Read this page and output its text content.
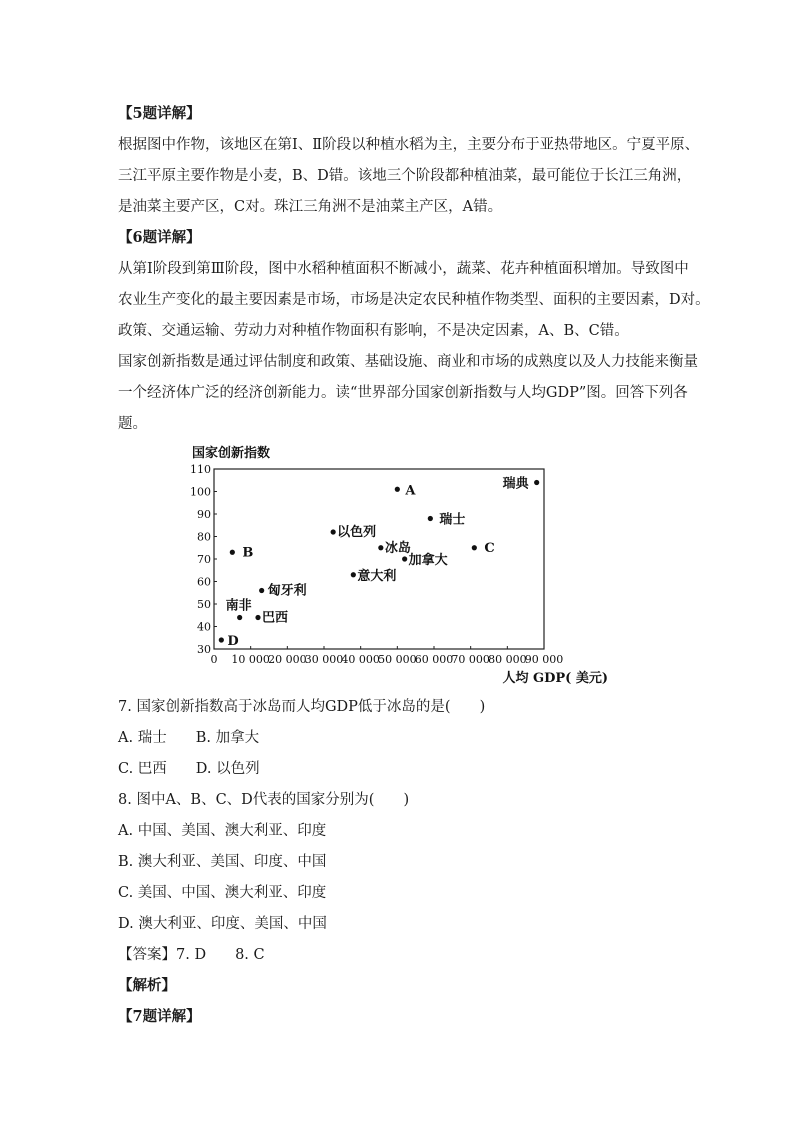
【5题详解】
根据图中作物，该地区在第Ⅰ、Ⅱ阶段以种植水稻为主，主要分布于亚热带地区。宁夏平原、
三江平原主要作物是小麦，B、D错。该地三个阶段都种植油菜，最可能位于长江三角洲，
是油菜主要产区，C对。珠江三角洲不是油菜主产区，A错。
【6题详解】
从第Ⅰ阶段到第Ⅲ阶段，图中水稻种植面积不断减小，蔬菜、花卉种植面积增加。导致图中
农业生产变化的最主要因素是市场，市场是决定农民种植作物类型、面积的主要因素，D对。
政策、交通运输、劳动力对种植作物面积有影响，不是决定因素，A、B、C错。
国家创新指数是通过评估制度和政策、基础设施、商业和市场的成熟度以及人力技能来衡量
一个经济体广泛的经济创新能力。读“世界部分国家创新指数与人均GDP”图。回答下列各
题。
7. 国家创新指数高于冰岛而人均GDP低于冰岛的是(　　)
A. 瑞士　　B. 加拿大
C. 巴西　　D. 以色列
8. 图中A、B、C、D代表的国家分别为(　　)
A. 中国、美国、澳大利亚、印度
B. 澳大利亚、美国、印度、中国
C. 美国、中国、澳大利亚、印度
D. 澳大利亚、印度、美国、中国
【答案】7. D　　8. C
【解析】
【7题详解】
国家创新指数
人均 GDP( 美元)
30
40
50
60
70
80
90
100
110
0 10 000
20 000
30 000
40 000
50 000
60 000
70 000
80 000
90 000
A	瑞典
瑞士
B
以色列
冰岛
加拿大
C
意大利
匈牙利
南非
巴西
D
